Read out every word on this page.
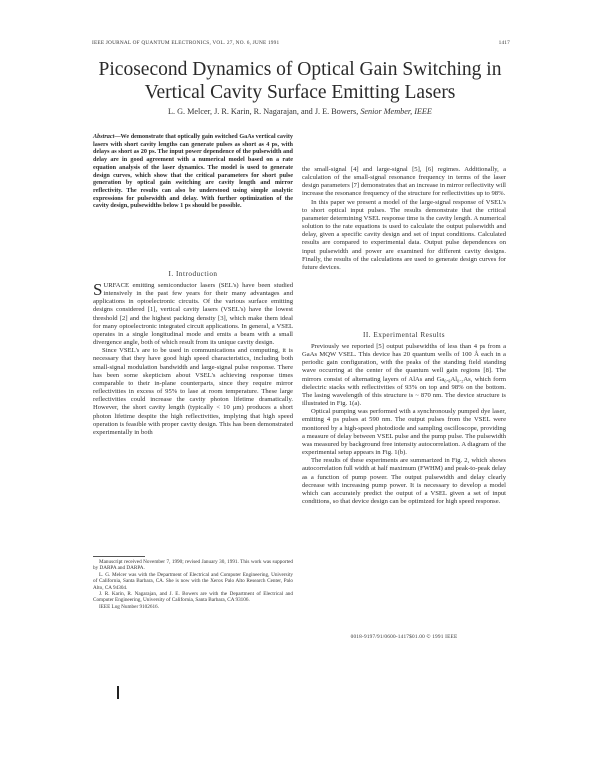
IEEE JOURNAL OF QUANTUM ELECTRONICS, VOL. 27, NO. 6, JUNE 1991	1417
Picosecond Dynamics of Optical Gain Switching in
Vertical Cavity Surface Emitting Lasers
L. G. Melcer, J. R. Karin, R. Nagarajan, and J. E. Bowers, Senior Member, IEEE
Abstract—We demonstrate that optically gain switched GaAs vertical cavity lasers with short cavity lengths can generate pulses as short as 4 ps, with delays as short as 20 ps. The input power dependence of the pulsewidth and delay are in good agreement with a numerical model based on a rate equation analysis of the laser dynamics. The model is used to generate design curves, which show that the critical parameters for short pulse generation by optical gain switching are cavity length and mirror reflectivity. The results can also be understood using simple analytic expressions for pulsewidth and delay. With further optimization of the cavity design, pulsewidths below 1 ps should be possible.
I. Introduction

SURFACE emitting semiconductor lasers (SEL's) have been studied intensively in the past few years for their many advantages and applications in optoelectronic circuits. Of the various surface emitting designs considered [1], vertical cavity lasers (VSEL's) have the lowest threshold [2] and the highest packing density [3], which make them ideal for many optoelectronic integrated circuit applications. In general, a VSEL operates in a single longitudinal mode and emits a beam with a small divergence angle, both of which result from its unique cavity design.

Since VSEL's are to be used in communications and computing, it is necessary that they have good high speed characteristics, including both small-signal modulation bandwidth and large-signal pulse response. There has been some skepticism about VSEL's achieving response times comparable to their in-plane counterparts, since they require mirror reflectivities in excess of 95% to lase at room temperature. These large reflectivities could increase the cavity photon lifetime dramatically. However, the short cavity length (typically < 10 μm) produces a short photon lifetime despite the high reflectivities, implying that high speed operation is feasible with proper cavity design. This has been demonstrated experimentally in both

Manuscript received November 7, 1990; revised January 30, 1991. This work was supported by DARPA and DARPA.

L. G. Melcer was with the Department of Electrical and Computer Engineering, University of California, Santa Barbara, CA. She is now with the Xerox Palo Alto Research Center, Palo Alto, CA 94304.

J. R. Karin, R. Nagarajan, and J. E. Bowers are with the Department of Electrical and Computer Engineering, University of California, Santa Barbara, CA 93106.

IEEE Log Number 9102616.

the small-signal [4] and large-signal [5], [6] regimes. Additionally, a calculation of the small-signal resonance frequency in terms of the laser design parameters [7] demonstrates that an increase in mirror reflectivity will increase the resonance frequency of the structure for reflectivities up to 98%.

In this paper we present a model of the large-signal response of VSEL's to short optical input pulses. The results demonstrate that the critical parameter determining VSEL response time is the cavity length. A numerical solution to the rate equations is used to calculate the output pulsewidth and delay, given a specific cavity design and set of input conditions. Calculated results are compared to experimental data. Output pulse dependences on input pulsewidth and power are examined for different cavity designs. Finally, the results of the calculations are used to generate design curves for future devices.

II. Experimental Results

Previously we reported [5] output pulsewidths of less than 4 ps from a GaAs MQW VSEL. This device has 20 quantum wells of 100 Å each in a periodic gain configuration, with the peaks of the standing field standing wave occurring at the center of the quantum well gain regions [8]. The mirrors consist of alternating layers of AlAs and Ga₀.₈Al₀.₂As, which form dielectric stacks with reflectivities of 93% on top and 98% on the bottom. The lasing wavelength of this structure is ~ 870 nm. The device structure is illustrated in Fig. 1(a).

Optical pumping was performed with a synchronously pumped dye laser, emitting 4 ps pulses at 590 nm. The output pulses from the VSEL were monitored by a high-speed photodiode and sampling oscilloscope, providing a measure of delay between VSEL pulse and the pump pulse. The pulsewidth was measured by background free intensity autocorrelation. A diagram of the experimental setup appears in Fig. 1(b).

The results of these experiments are summarized in Fig. 2, which shows autocorrelation full width at half maximum (FWHM) and peak-to-peak delay as a function of pump power. The output pulsewidth and delay clearly decrease with increasing pump power. It is necessary to develop a model which can accurately predict the output of a VSEL given a set of input conditions, so that device design can be optimized for high speed response.

0018-9197/91/0600-1417$01.00 © 1991 IEEE
